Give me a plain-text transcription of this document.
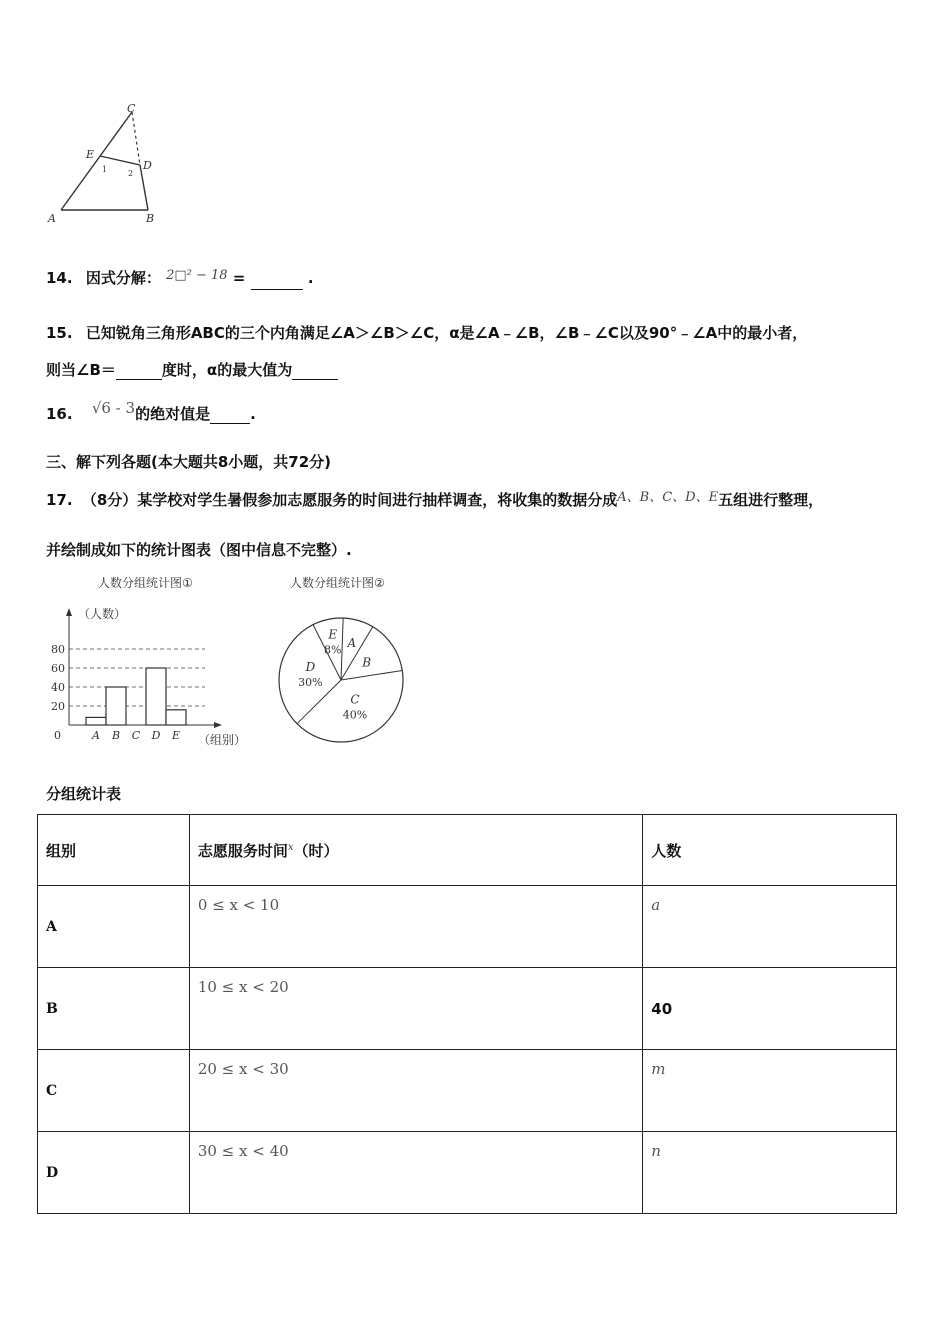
C
E
D
A	B
1	2
14. 因式分解： 2□² − 18 =	.
15. 已知锐角三角形ABC的三个内角满足∠A＞∠B＞∠C，α是∠A﹣∠B，∠B﹣∠C以及90°﹣∠A中的最小者，
则当∠B＝	度时，α的最大值为
16. √6 - 3的绝对值是	.
三、解下列各题(本大题共8小题，共72分)
17. （8分）某学校对学生暑假参加志愿服务的时间进行抽样调查，将收集的数据分成A、B、C、D、E五组进行整理，
并绘制成如下的统计图表（图中信息不完整）.
人数分组统计图①
（人数）
（组别）
0
20
40
60
80
A B C D E
人数分组统计图②
A
B
C
40%
D
30%
E
8%
分组统计表
组别	志愿服务时间$^x$（时）	人数
A	0 ≤ x < 10	a
B	10 ≤ x < 20	40
C	20 ≤ x < 30	m
D	30 ≤ x < 40	n
